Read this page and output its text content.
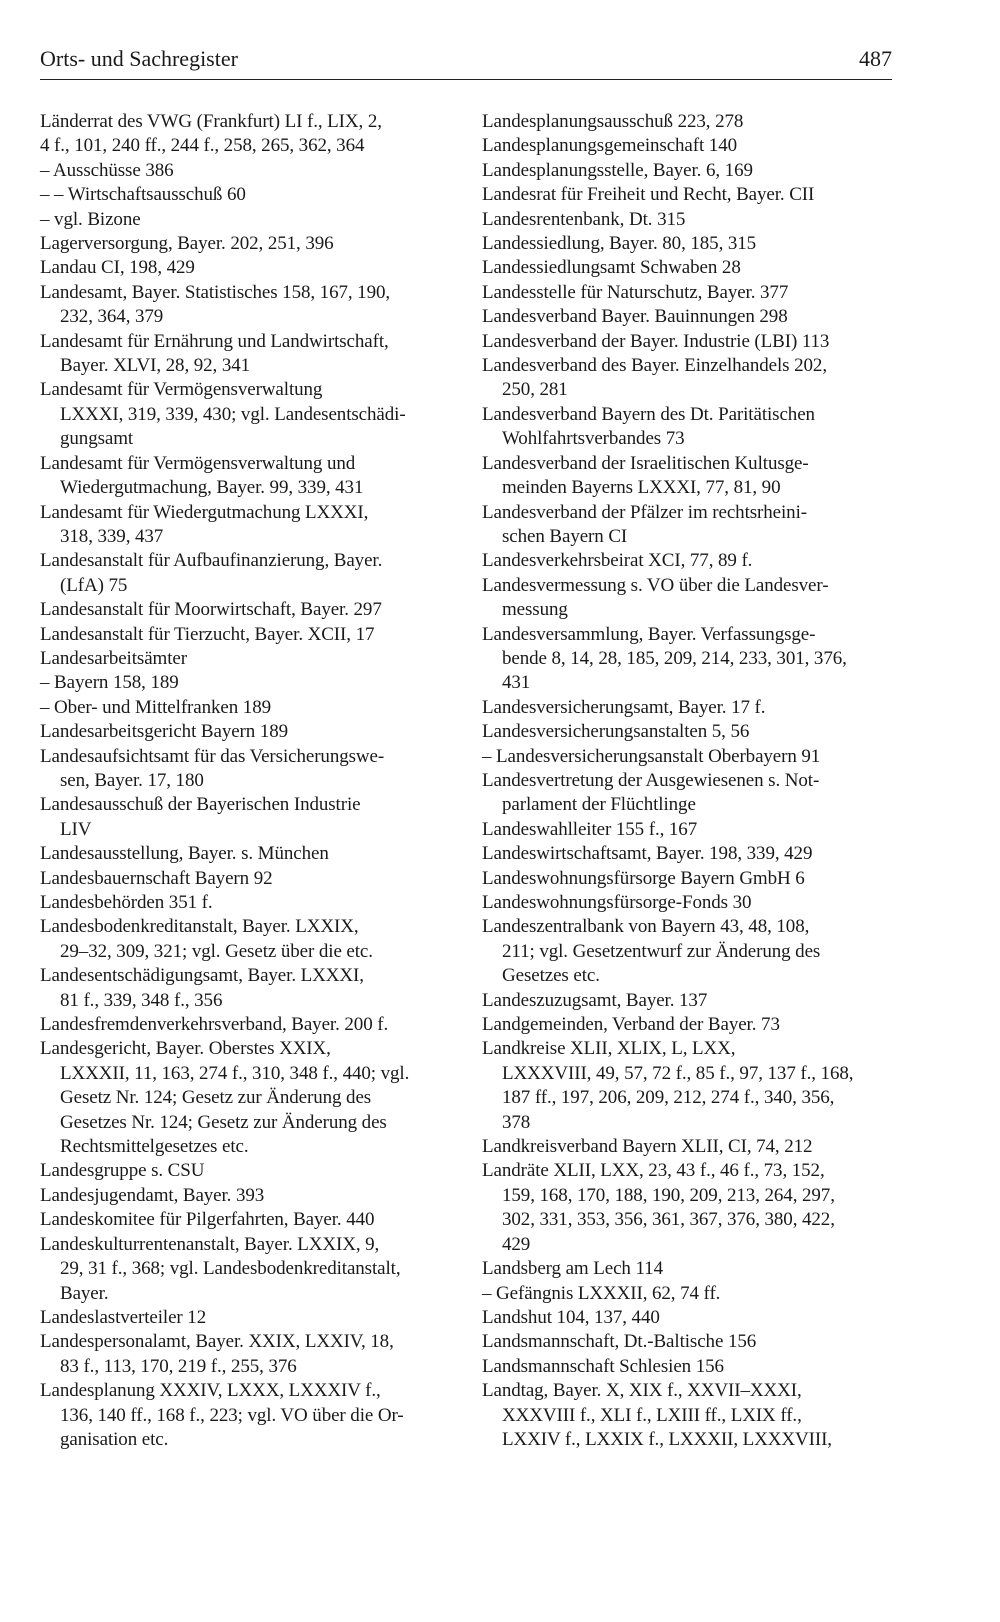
Orts- und Sachregister	487
Länderrat des VWG (Frankfurt) LI f., LIX, 2,
4 f., 101, 240 ff., 244 f., 258, 265, 362, 364
– Ausschüsse 386
– – Wirtschaftsausschuß 60
– vgl. Bizone
Lagerversorgung, Bayer. 202, 251, 396
Landau CI, 198, 429
Landesamt, Bayer. Statistisches 158, 167, 190,
232, 364, 379
Landesamt für Ernährung und Landwirtschaft,
Bayer. XLVI, 28, 92, 341
Landesamt für Vermögensverwaltung
LXXXI, 319, 339, 430; vgl. Landesentschädi-
gungsamt
Landesamt für Vermögensverwaltung und
Wiedergutmachung, Bayer. 99, 339, 431
Landesamt für Wiedergutmachung LXXXI,
318, 339, 437
Landesanstalt für Aufbaufinanzierung, Bayer.
(LfA) 75
Landesanstalt für Moorwirtschaft, Bayer. 297
Landesanstalt für Tierzucht, Bayer. XCII, 17
Landesarbeitsämter
– Bayern 158, 189
– Ober- und Mittelfranken 189
Landesarbeitsgericht Bayern 189
Landesaufsichtsamt für das Versicherungswe-
sen, Bayer. 17, 180
Landesausschuß der Bayerischen Industrie
LIV
Landesausstellung, Bayer. s. München
Landesbauernschaft Bayern 92
Landesbehörden 351 f.
Landesbodenkreditanstalt, Bayer. LXXIX,
29–32, 309, 321; vgl. Gesetz über die etc.
Landesentschädigungsamt, Bayer. LXXXI,
81 f., 339, 348 f., 356
Landesfremdenverkehrsverband, Bayer. 200 f.
Landesgericht, Bayer. Oberstes XXIX,
LXXXII, 11, 163, 274 f., 310, 348 f., 440; vgl.
Gesetz Nr. 124; Gesetz zur Änderung des
Gesetzes Nr. 124; Gesetz zur Änderung des
Rechtsmittelgesetzes etc.
Landesgruppe s. CSU
Landesjugendamt, Bayer. 393
Landeskomitee für Pilgerfahrten, Bayer. 440
Landeskulturrentenanstalt, Bayer. LXXIX, 9,
29, 31 f., 368; vgl. Landesbodenkreditanstalt,
Bayer.
Landeslastverteiler 12
Landespersonalamt, Bayer. XXIX, LXXIV, 18,
83 f., 113, 170, 219 f., 255, 376
Landesplanung XXXIV, LXXX, LXXXIV f.,
136, 140 ff., 168 f., 223; vgl. VO über die Or-
ganisation etc.
Landesplanungsausschuß 223, 278
Landesplanungsgemeinschaft 140
Landesplanungsstelle, Bayer. 6, 169
Landesrat für Freiheit und Recht, Bayer. CII
Landesrentenbank, Dt. 315
Landessiedlung, Bayer. 80, 185, 315
Landessiedlungsamt Schwaben 28
Landesstelle für Naturschutz, Bayer. 377
Landesverband Bayer. Bauinnungen 298
Landesverband der Bayer. Industrie (LBI) 113
Landesverband des Bayer. Einzelhandels 202,
250, 281
Landesverband Bayern des Dt. Paritätischen
Wohlfahrtsverbandes 73
Landesverband der Israelitischen Kultusge-
meinden Bayerns LXXXI, 77, 81, 90
Landesverband der Pfälzer im rechtsrheini-
schen Bayern CI
Landesverkehrsbeirat XCI, 77, 89 f.
Landesvermessung s. VO über die Landesver-
messung
Landesversammlung, Bayer. Verfassungsge-
bende 8, 14, 28, 185, 209, 214, 233, 301, 376,
431
Landesversicherungsamt, Bayer. 17 f.
Landesversicherungsanstalten 5, 56
– Landesversicherungsanstalt Oberbayern 91
Landesvertretung der Ausgewiesenen s. Not-
parlament der Flüchtlinge
Landeswahlleiter 155 f., 167
Landeswirtschaftsamt, Bayer. 198, 339, 429
Landeswohnungsfürsorge Bayern GmbH 6
Landeswohnungsfürsorge-Fonds 30
Landeszentralbank von Bayern 43, 48, 108,
211; vgl. Gesetzentwurf zur Änderung des
Gesetzes etc.
Landeszuzugsamt, Bayer. 137
Landgemeinden, Verband der Bayer. 73
Landkreise XLII, XLIX, L, LXX,
LXXXVIII, 49, 57, 72 f., 85 f., 97, 137 f., 168,
187 ff., 197, 206, 209, 212, 274 f., 340, 356,
378
Landkreisverband Bayern XLII, CI, 74, 212
Landräte XLII, LXX, 23, 43 f., 46 f., 73, 152,
159, 168, 170, 188, 190, 209, 213, 264, 297,
302, 331, 353, 356, 361, 367, 376, 380, 422,
429
Landsberg am Lech 114
– Gefängnis LXXXII, 62, 74 ff.
Landshut 104, 137, 440
Landsmannschaft, Dt.-Baltische 156
Landsmannschaft Schlesien 156
Landtag, Bayer. X, XIX f., XXVII–XXXI,
XXXVIII f., XLI f., LXIII ff., LXIX ff.,
LXXIV f., LXXIX f., LXXXII, LXXXVIII,
